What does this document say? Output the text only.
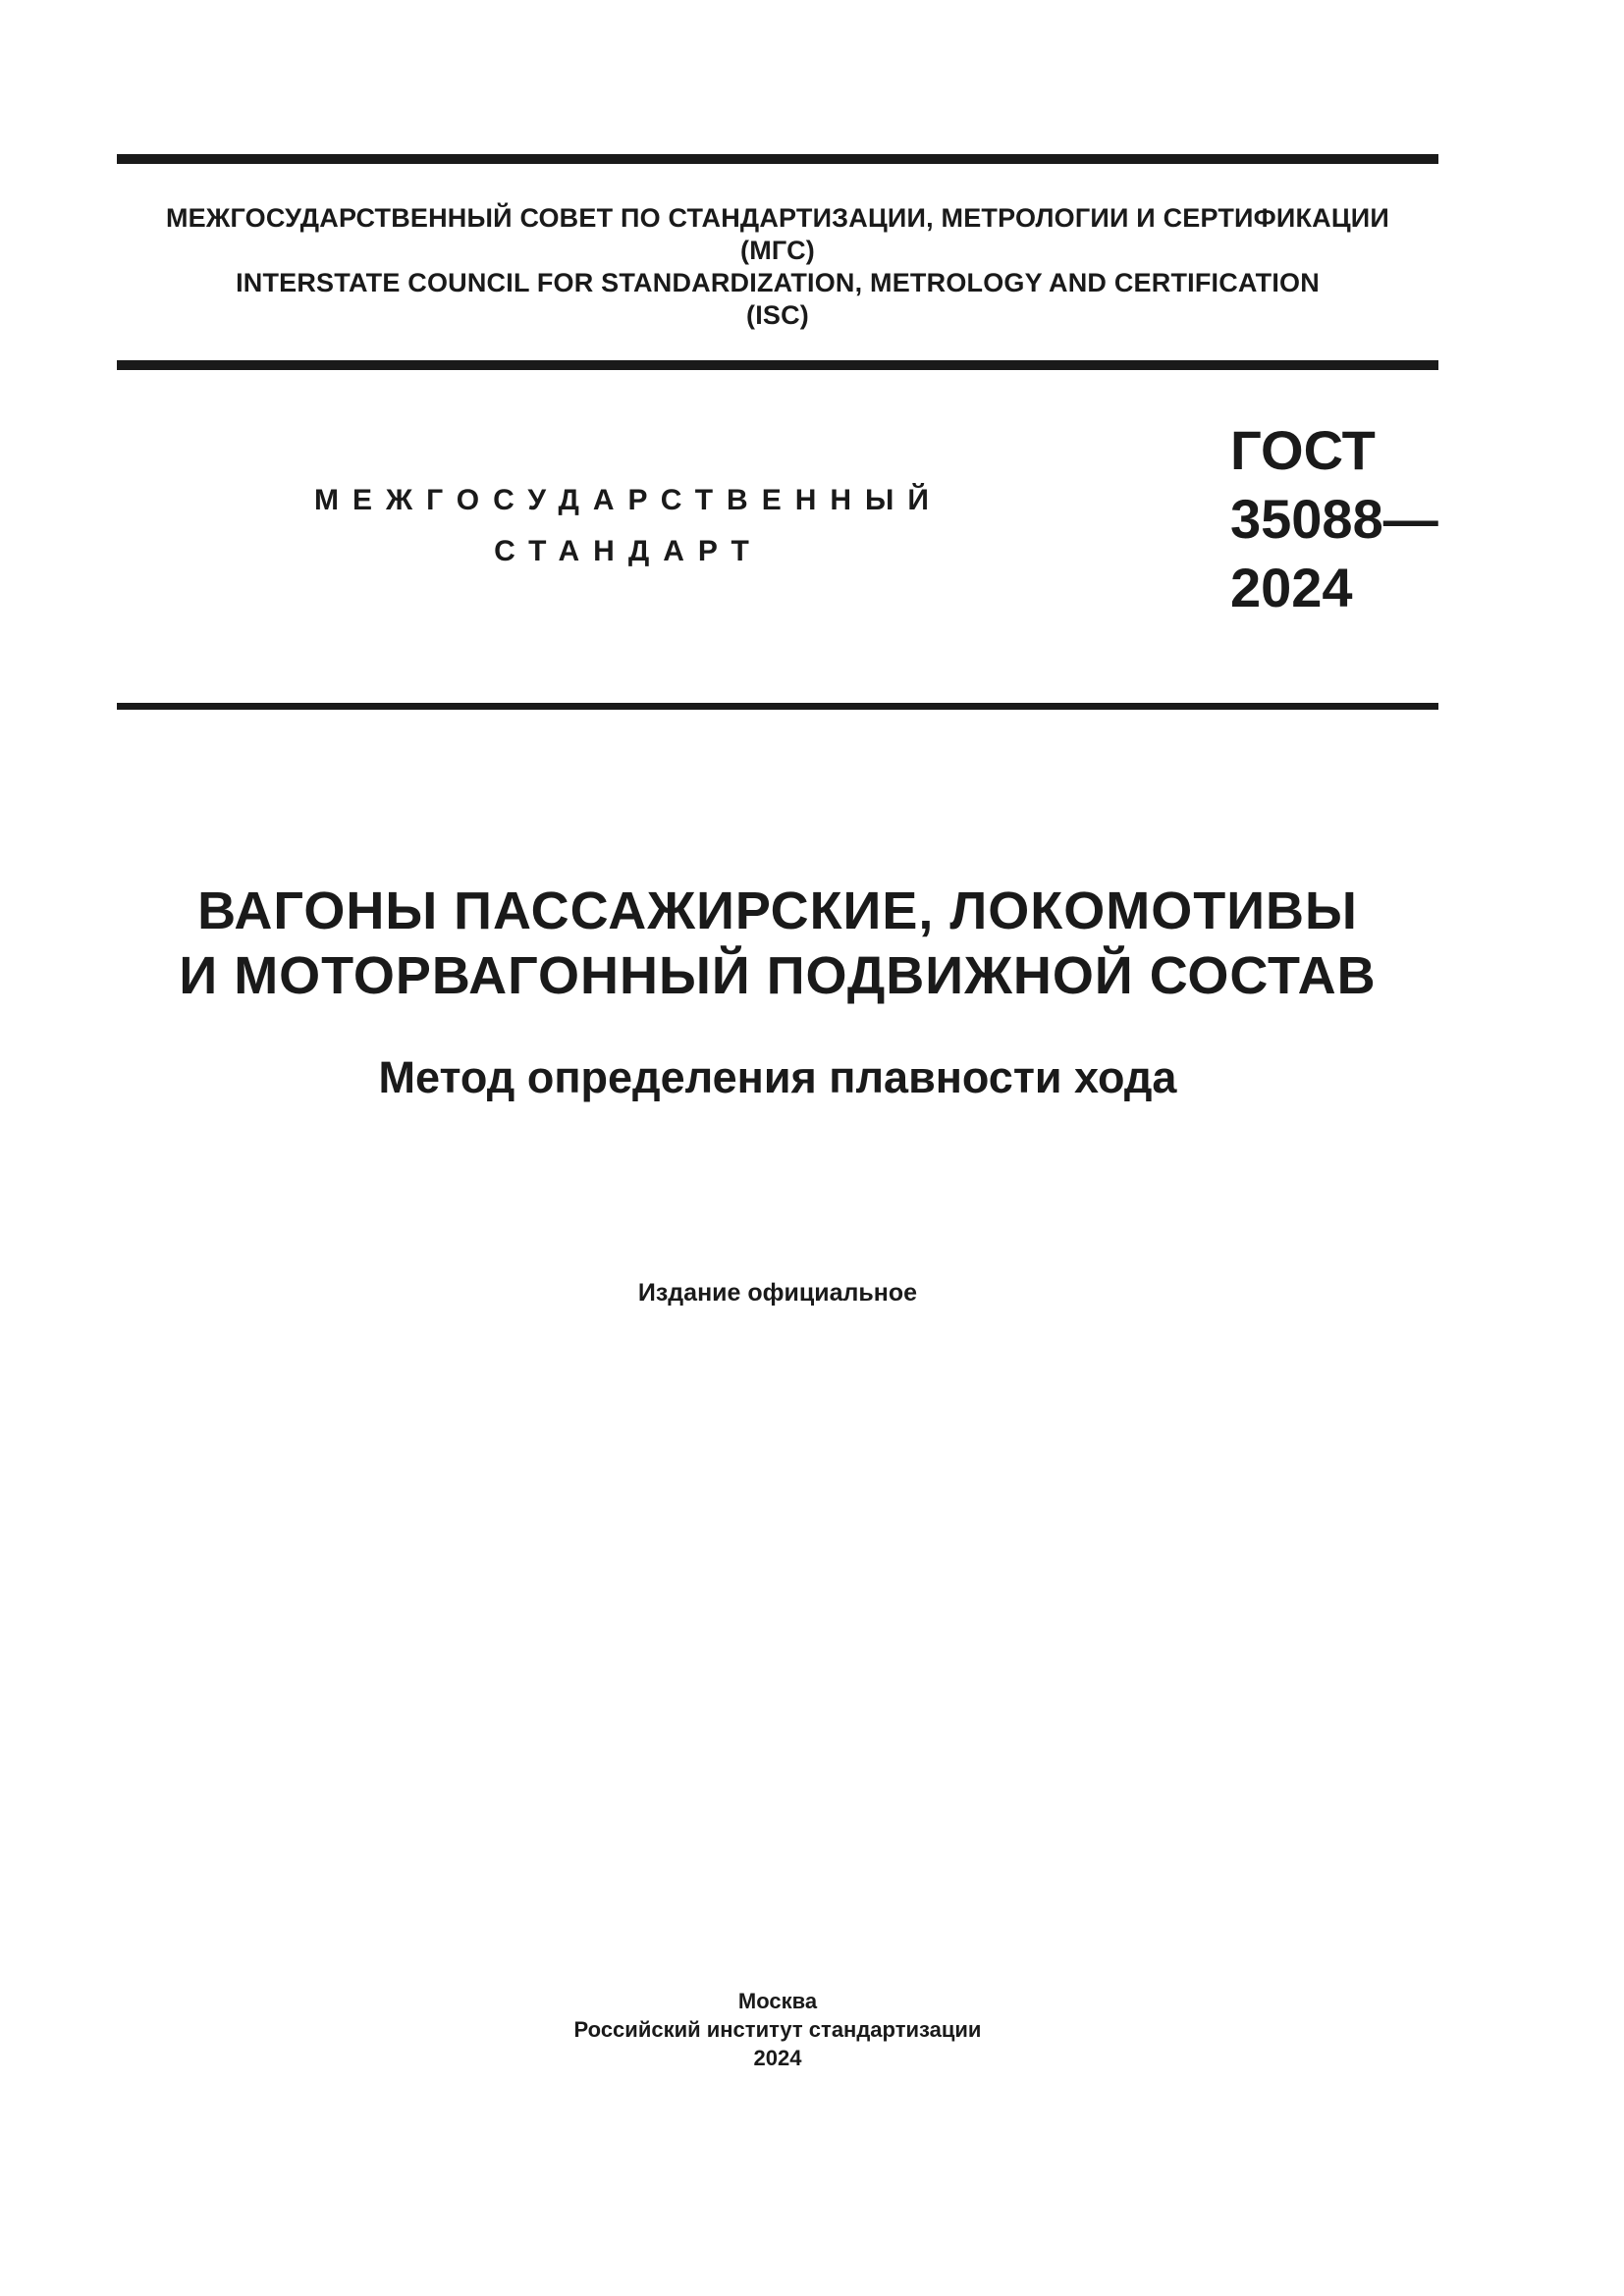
МЕЖГОСУДАРСТВЕННЫЙ СОВЕТ ПО СТАНДАРТИЗАЦИИ, МЕТРОЛОГИИ И СЕРТИФИКАЦИИ
(МГС)
INTERSTATE COUNCIL FOR STANDARDIZATION, METROLOGY AND CERTIFICATION
(ISC)
МЕЖГОСУДАРСТВЕННЫЙ
СТАНДАРТ
ГОСТ
35088—
2024
ВАГОНЫ ПАССАЖИРСКИЕ, ЛОКОМОТИВЫ
И МОТОРВАГОННЫЙ ПОДВИЖНОЙ СОСТАВ
Метод определения плавности хода
Издание официальное
Москва
Российский институт стандартизации
2024
